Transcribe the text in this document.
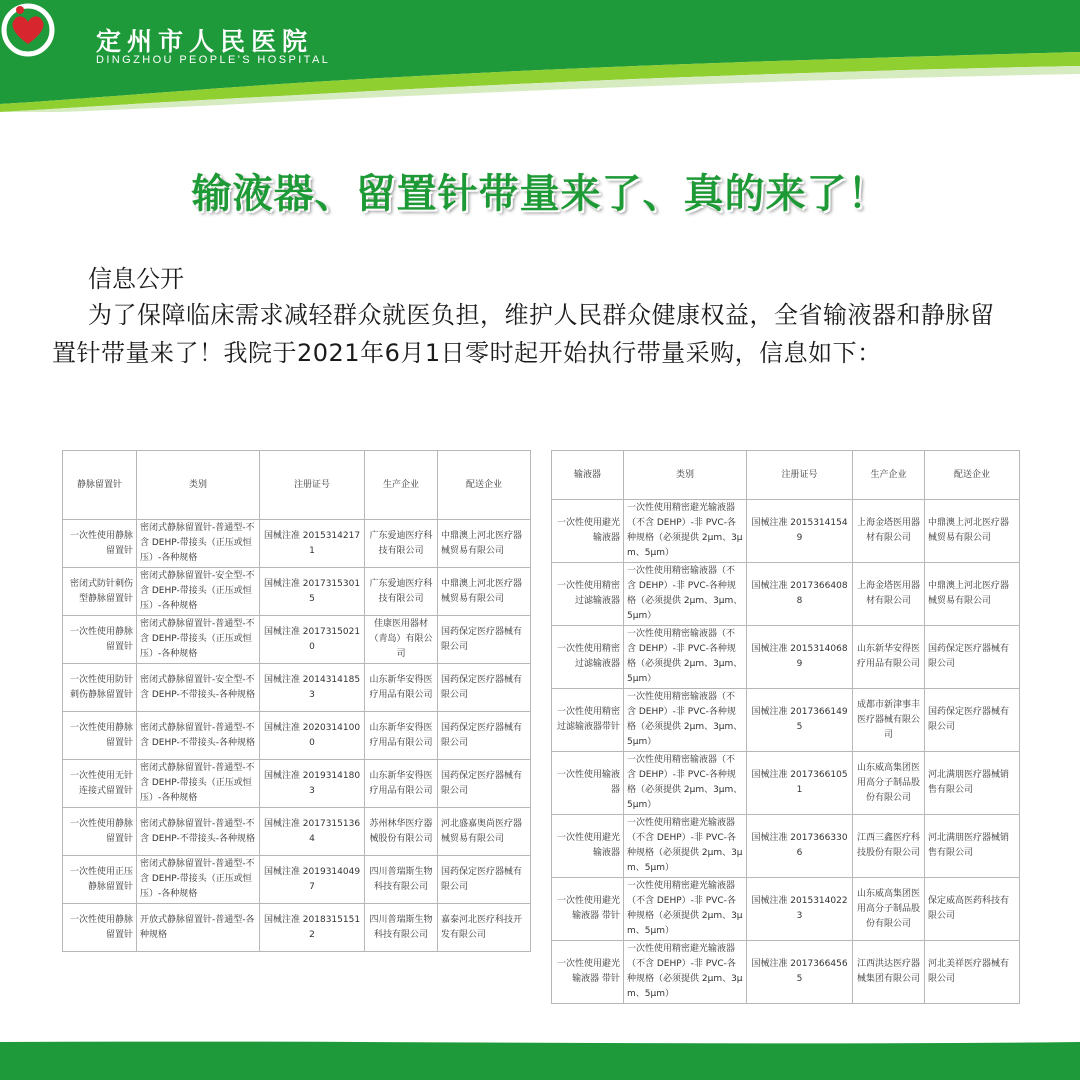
定州市人民医院
DINGZHOU PEOPLE'S HOSPITAL
输液器、留置针带量来了、真的来了！
信息公开
为了保障临床需求减轻群众就医负担，维护人民群众健康权益，全省输液器和静脉留置针带量来了！我院于2021年6月1日零时起开始执行带量采购，信息如下：
静脉留置针	类别	注册证号	生产企业	配送企业
一次性使用静脉留置针	密闭式静脉留置针-普通型-不含 DEHP-带接头（正压或恒压）-各种规格	国械注准 20153142171	广东爱迪医疗科技有限公司	中鼎澳上河北医疗器械贸易有限公司
密闭式防针刺伤型静脉留置针	密闭式静脉留置针-安全型-不含 DEHP-带接头（正压或恒压）-各种规格	国械注准 20173153015	广东爱迪医疗科技有限公司	中鼎澳上河北医疗器械贸易有限公司
一次性使用静脉留置针	密闭式静脉留置针-普通型-不含 DEHP-带接头（正压或恒压）-各种规格	国械注准 20173150210	佳康医用器材（青岛）有限公司	国药保定医疗器械有限公司
一次性使用防针刺伤静脉留置针	密闭式静脉留置针-安全型-不含 DEHP-不带接头-各种规格	国械注准 20143141853	山东新华安得医疗用品有限公司	国药保定医疗器械有限公司
一次性使用静脉留置针	密闭式静脉留置针-普通型-不含 DEHP-不带接头-各种规格	国械注准 20203141000	山东新华安得医疗用品有限公司	国药保定医疗器械有限公司
一次性使用无针连接式留置针	密闭式静脉留置针-普通型-不含 DEHP-带接头（正压或恒压）-各种规格	国械注准 20193141803	山东新华安得医疗用品有限公司	国药保定医疗器械有限公司
一次性使用静脉留置针	密闭式静脉留置针-普通型-不含 DEHP-不带接头-各种规格	国械注准 20173151364	苏州林华医疗器械股份有限公司	河北盛嘉奥尚医疗器械贸易有限公司
一次性使用正压静脉留置针	密闭式静脉留置针-普通型-不含 DEHP-带接头（正压或恒压）-各种规格	国械注准 20193140497	四川普瑞斯生物科技有限公司	国药保定医疗器械有限公司
一次性使用静脉留置针	开放式静脉留置针-普通型-各种规格	国械注准 20183151512	四川普瑞斯生物科技有限公司	嘉泰河北医疗科技开发有限公司
输液器	类别	注册证号	生产企业	配送企业
一次性使用避光输液器	一次性使用精密避光输液器（不含 DEHP）-非 PVC-各种规格（必须提供 2μm、3μm、5μm）	国械注准 20153141549	上海金塔医用器材有限公司	中鼎澳上河北医疗器械贸易有限公司
一次性使用精密过滤输液器	一次性使用精密输液器（不含 DEHP）-非 PVC-各种规格（必须提供 2μm、3μm、5μm）	国械注准 20173664088	上海金塔医用器材有限公司	中鼎澳上河北医疗器械贸易有限公司
一次性使用精密过滤输液器	一次性使用精密输液器（不含 DEHP）-非 PVC-各种规格（必须提供 2μm、3μm、5μm）	国械注准 20153140689	山东新华安得医疗用品有限公司	国药保定医疗器械有限公司
一次性使用精密过滤输液器带针	一次性使用精密输液器（不含 DEHP）-非 PVC-各种规格（必须提供 2μm、3μm、5μm）	国械注准 20173661495	成都市新津事丰医疗器械有限公司	国药保定医疗器械有限公司
一次性使用输液器	一次性使用精密输液器（不含 DEHP）-非 PVC-各种规格（必须提供 2μm、3μm、5μm）	国械注准 20173661051	山东威高集团医用高分子制品股份有限公司	河北满朋医疗器械销售有限公司
一次性使用避光输液器	一次性使用精密避光输液器（不含 DEHP）-非 PVC-各种规格（必须提供 2μm、3μm、5μm）	国械注准 20173663306	江西三鑫医疗科技股份有限公司	河北满朋医疗器械销售有限公司
一次性使用避光输液器 带针	一次性使用精密避光输液器（不含 DEHP）-非 PVC-各种规格（必须提供 2μm、3μm、5μm）	国械注准 20153140223	山东威高集团医用高分子制品股份有限公司	保定威高医药科技有限公司
一次性使用避光输液器 带针	一次性使用精密避光输液器（不含 DEHP）-非 PVC-各种规格（必须提供 2μm、3μm、5μm）	国械注准 20173664565	江西洪达医疗器械集团有限公司	河北美祥医疗器械有限公司
